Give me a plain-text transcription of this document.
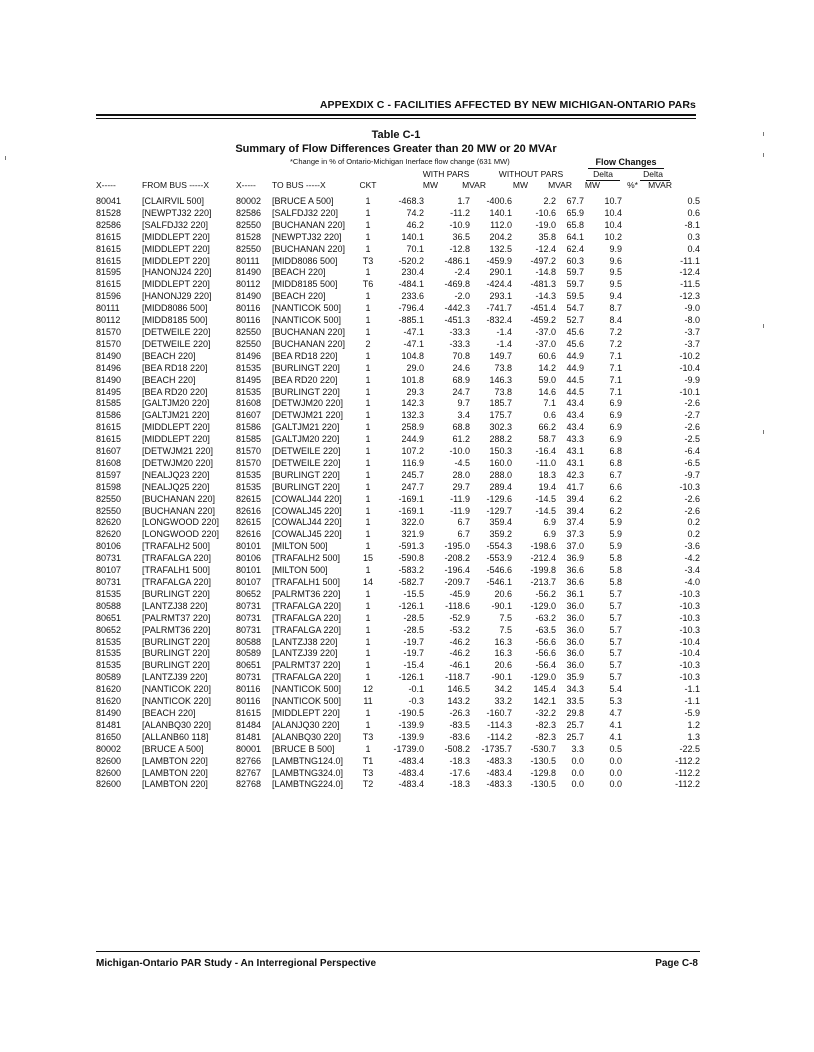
APPEXDIX C - FACILITIES AFFECTED BY NEW MICHIGAN-ONTARIO PARs
Table C-1
Summary of Flow Differences Greater than 20 MW or 20 MVAr
*Change in % of Ontario-Michigan Inerface flow change (631 MW)	Flow Changes
WITH PARS	WITHOUT PARS	Delta	Delta
X-----	FROM BUS -----X	X----- TO BUS -----X	CKT	MW	MVAR	MW	MVAR	MW	%*	MVAR
80041	[CLAIRVIL 500]	80002	[BRUCE A 500]	1	-468.3	1.7	-400.6	2.2	67.7	10.7	0.5
81528	[NEWPTJ32 220]	82586	[SALFDJ32 220]	1	74.2	-11.2	140.1	-10.6	65.9	10.4	0.6
82586	[SALFDJ32 220]	82550	[BUCHANAN 220]	1	46.2	-10.9	112.0	-19.0	65.8	10.4	-8.1
81615	[MIDDLEPT 220]	81528	[NEWPTJ32 220]	1	140.1	36.5	204.2	35.8	64.1	10.2	0.3
81615	[MIDDLEPT 220]	82550	[BUCHANAN 220]	1	70.1	-12.8	132.5	-12.4	62.4	9.9	0.4
81615	[MIDDLEPT 220]	80111	[MIDD8086 500]	T3	-520.2	-486.1	-459.9	-497.2	60.3	9.6	-11.1
81595	[HANONJ24 220]	81490	[BEACH 220]	1	230.4	-2.4	290.1	-14.8	59.7	9.5	-12.4
81615	[MIDDLEPT 220]	80112	[MIDD8185 500]	T6	-484.1	-469.8	-424.4	-481.3	59.7	9.5	-11.5
81596	[HANONJ29 220]	81490	[BEACH 220]	1	233.6	-2.0	293.1	-14.3	59.5	9.4	-12.3
80111	[MIDD8086 500]	80116	[NANTICOK 500]	1	-796.4	-442.3	-741.7	-451.4	54.7	8.7	-9.0
80112	[MIDD8185 500]	80116	[NANTICOK 500]	1	-885.1	-451.3	-832.4	-459.2	52.7	8.4	-8.0
81570	[DETWEILE 220]	82550	[BUCHANAN 220]	1	-47.1	-33.3	-1.4	-37.0	45.6	7.2	-3.7
81570	[DETWEILE 220]	82550	[BUCHANAN 220]	2	-47.1	-33.3	-1.4	-37.0	45.6	7.2	-3.7
81490	[BEACH 220]	81496	[BEA RD18 220]	1	104.8	70.8	149.7	60.6	44.9	7.1	-10.2
81496	[BEA RD18 220]	81535	[BURLINGT 220]	1	29.0	24.6	73.8	14.2	44.9	7.1	-10.4
81490	[BEACH 220]	81495	[BEA RD20 220]	1	101.8	68.9	146.3	59.0	44.5	7.1	-9.9
81495	[BEA RD20 220]	81535	[BURLINGT 220]	1	29.3	24.7	73.8	14.6	44.5	7.1	-10.1
81585	[GALTJM20 220]	81608	[DETWJM20 220]	1	142.3	9.7	185.7	7.1	43.4	6.9	-2.6
81586	[GALTJM21 220]	81607	[DETWJM21 220]	1	132.3	3.4	175.7	0.6	43.4	6.9	-2.7
81615	[MIDDLEPT 220]	81586	[GALTJM21 220]	1	258.9	68.8	302.3	66.2	43.4	6.9	-2.6
81615	[MIDDLEPT 220]	81585	[GALTJM20 220]	1	244.9	61.2	288.2	58.7	43.3	6.9	-2.5
81607	[DETWJM21 220]	81570	[DETWEILE 220]	1	107.2	-10.0	150.3	-16.4	43.1	6.8	-6.4
81608	[DETWJM20 220]	81570	[DETWEILE 220]	1	116.9	-4.5	160.0	-11.0	43.1	6.8	-6.5
81597	[NEALJQ23 220]	81535	[BURLINGT 220]	1	245.7	28.0	288.0	18.3	42.3	6.7	-9.7
81598	[NEALJQ25 220]	81535	[BURLINGT 220]	1	247.7	29.7	289.4	19.4	41.7	6.6	-10.3
82550	[BUCHANAN 220]	82615	[COWALJ44 220]	1	-169.1	-11.9	-129.6	-14.5	39.4	6.2	-2.6
82550	[BUCHANAN 220]	82616	[COWALJ45 220]	1	-169.1	-11.9	-129.7	-14.5	39.4	6.2	-2.6
82620	[LONGWOOD 220]	82615	[COWALJ44 220]	1	322.0	6.7	359.4	6.9	37.4	5.9	0.2
82620	[LONGWOOD 220]	82616	[COWALJ45 220]	1	321.9	6.7	359.2	6.9	37.3	5.9	0.2
80106	[TRAFALH2 500]	80101	[MILTON 500]	1	-591.3	-195.0	-554.3	-198.6	37.0	5.9	-3.6
80731	[TRAFALGA 220]	80106	[TRAFALH2 500]	15	-590.8	-208.2	-553.9	-212.4	36.9	5.8	-4.2
80107	[TRAFALH1 500]	80101	[MILTON 500]	1	-583.2	-196.4	-546.6	-199.8	36.6	5.8	-3.4
80731	[TRAFALGA 220]	80107	[TRAFALH1 500]	14	-582.7	-209.7	-546.1	-213.7	36.6	5.8	-4.0
81535	[BURLINGT 220]	80652	[PALRMT36 220]	1	-15.5	-45.9	20.6	-56.2	36.1	5.7	-10.3
80588	[LANTZJ38 220]	80731	[TRAFALGA 220]	1	-126.1	-118.6	-90.1	-129.0	36.0	5.7	-10.3
80651	[PALRMT37 220]	80731	[TRAFALGA 220]	1	-28.5	-52.9	7.5	-63.2	36.0	5.7	-10.3
80652	[PALRMT36 220]	80731	[TRAFALGA 220]	1	-28.5	-53.2	7.5	-63.5	36.0	5.7	-10.3
81535	[BURLINGT 220]	80588	[LANTZJ38 220]	1	-19.7	-46.2	16.3	-56.6	36.0	5.7	-10.4
81535	[BURLINGT 220]	80589	[LANTZJ39 220]	1	-19.7	-46.2	16.3	-56.6	36.0	5.7	-10.4
81535	[BURLINGT 220]	80651	[PALRMT37 220]	1	-15.4	-46.1	20.6	-56.4	36.0	5.7	-10.3
80589	[LANTZJ39 220]	80731	[TRAFALGA 220]	1	-126.1	-118.7	-90.1	-129.0	35.9	5.7	-10.3
81620	[NANTICOK 220]	80116	[NANTICOK 500]	12	-0.1	146.5	34.2	145.4	34.3	5.4	-1.1
81620	[NANTICOK 220]	80116	[NANTICOK 500]	11	-0.3	143.2	33.2	142.1	33.5	5.3	-1.1
81490	[BEACH 220]	81615	[MIDDLEPT 220]	1	-190.5	-26.3	-160.7	-32.2	29.8	4.7	-5.9
81481	[ALANBQ30 220]	81484	[ALANJQ30 220]	1	-139.9	-83.5	-114.3	-82.3	25.7	4.1	1.2
81650	[ALLANB60 118]	81481	[ALANBQ30 220]	T3	-139.9	-83.6	-114.2	-82.3	25.7	4.1	1.3
80002	[BRUCE A 500]	80001	[BRUCE B 500]	1	-1739.0	-508.2	-1735.7	-530.7	3.3	0.5	-22.5
82600	[LAMBTON 220]	82766	[LAMBTNG124.0]	T1	-483.4	-18.3	-483.3	-130.5	0.0	0.0	-112.2
82600	[LAMBTON 220]	82767	[LAMBTNG324.0]	T3	-483.4	-17.6	-483.4	-129.8	0.0	0.0	-112.2
82600	[LAMBTON 220]	82768	[LAMBTNG224.0]	T2	-483.4	-18.3	-483.3	-130.5	0.0	0.0	-112.2
Michigan-Ontario PAR Study - An Interregional Perspective	Page C-8
